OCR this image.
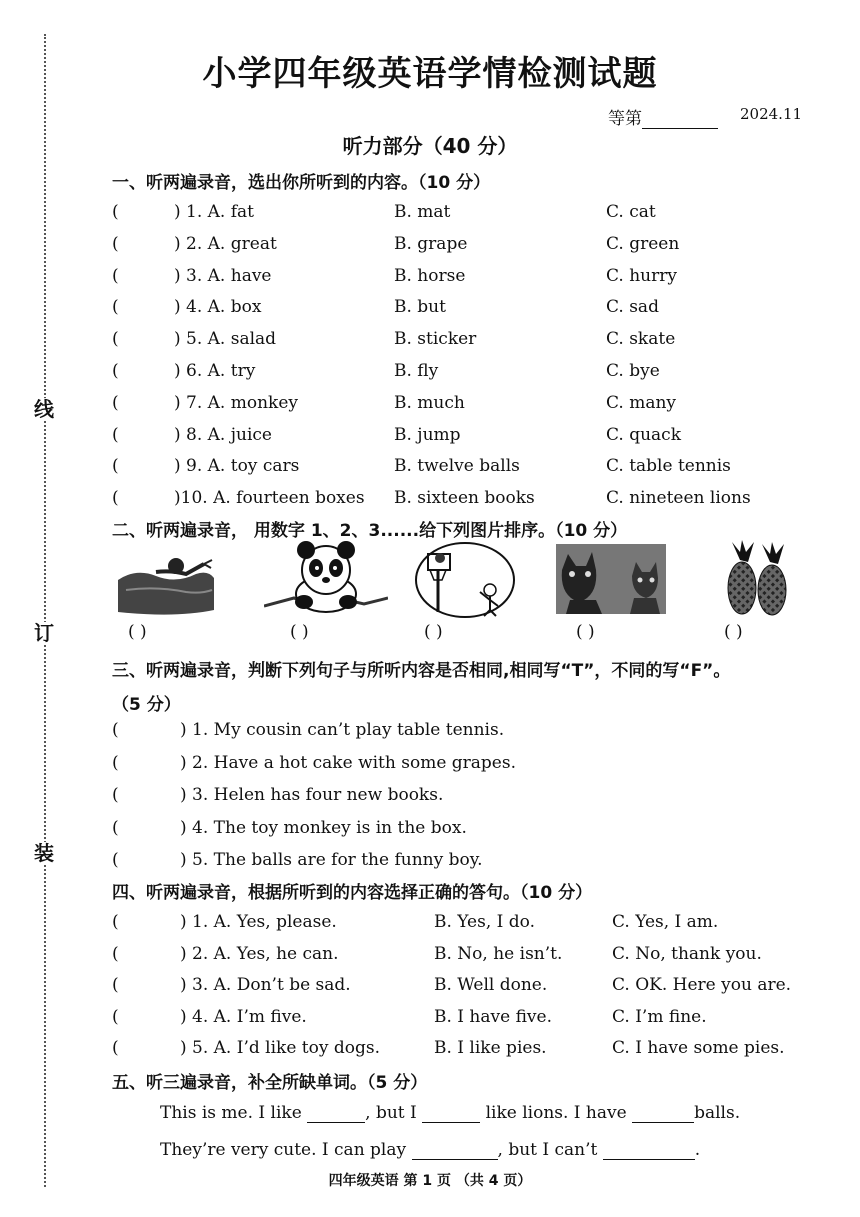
线
订
装
小学四年级英语学情检测试题
等第	2024.11
听力部分（40 分）
一、听两遍录音，选出你所听到的内容。（10 分）
(	) 1. A. fat	B. mat	C. cat
(	) 2. A. great	B. grape	C. green
(	) 3. A. have	B. horse	C. hurry
(	) 4. A. box	B. but	C. sad
(	) 5. A. salad	B. sticker	C. skate
(	) 6. A. try	B. fly	C. bye
(	) 7. A. monkey	B. much	C. many
(	) 8. A. juice	B. jump	C. quack
(	) 9. A. toy cars	B. twelve balls	C. table tennis
(	)10. A. fourteen boxes B. sixteen books	C. nineteen lions
二、听两遍录音， 用数字 1、2、3......给下列图片排序。（10 分）
( )	( )	( )	( )	( )
三、听两遍录音，判断下列句子与所听内容是否相同,相同写“T”，不同的写“F”。
（5 分）
(	) 1. My cousin can’t play table tennis.
(	) 2. Have a hot cake with some grapes.
(	) 3. Helen has four new books.
(	) 4. The toy monkey is in the box.
(	) 5. The balls are for the funny boy.
四、听两遍录音，根据所听到的内容选择正确的答句。（10 分）
(	) 1. A. Yes, please.	B. Yes, I do.	C. Yes, I am.
(	) 2. A. Yes, he can.	B. No, he isn’t.	C. No, thank you.
(	) 3. A. Don’t be sad.	B. Well done.	C. OK. Here you are.
(	) 4. A. I’m five.	B. I have five.	C. I’m fine.
(	) 5. A. I’d like toy dogs.	B. I like pies.	C. I have some pies.
五、听三遍录音，补全所缺单词。（5 分）
This is me. I like	, but I	like lions. I have	balls.
They’re very cute. I can play	, but I can’t	.
四年级英语 第 1 页 （共 4 页）
